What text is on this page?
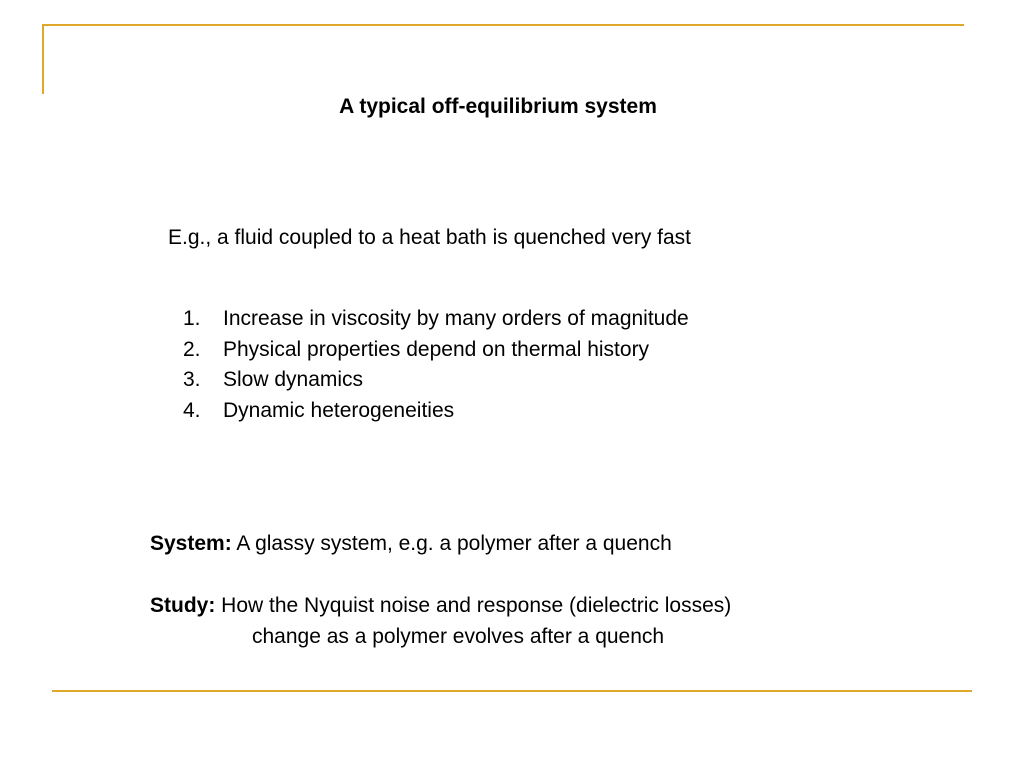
A typical off-equilibrium system
E.g., a fluid coupled to a heat bath is quenched very fast
1.	Increase in viscosity by many orders of magnitude
2.	Physical properties depend on thermal history
3.	Slow dynamics
4.	Dynamic heterogeneities
System: A glassy system, e.g. a polymer after a quench
Study: How the Nyquist noise and response (dielectric losses)
change as a polymer evolves after a quench
